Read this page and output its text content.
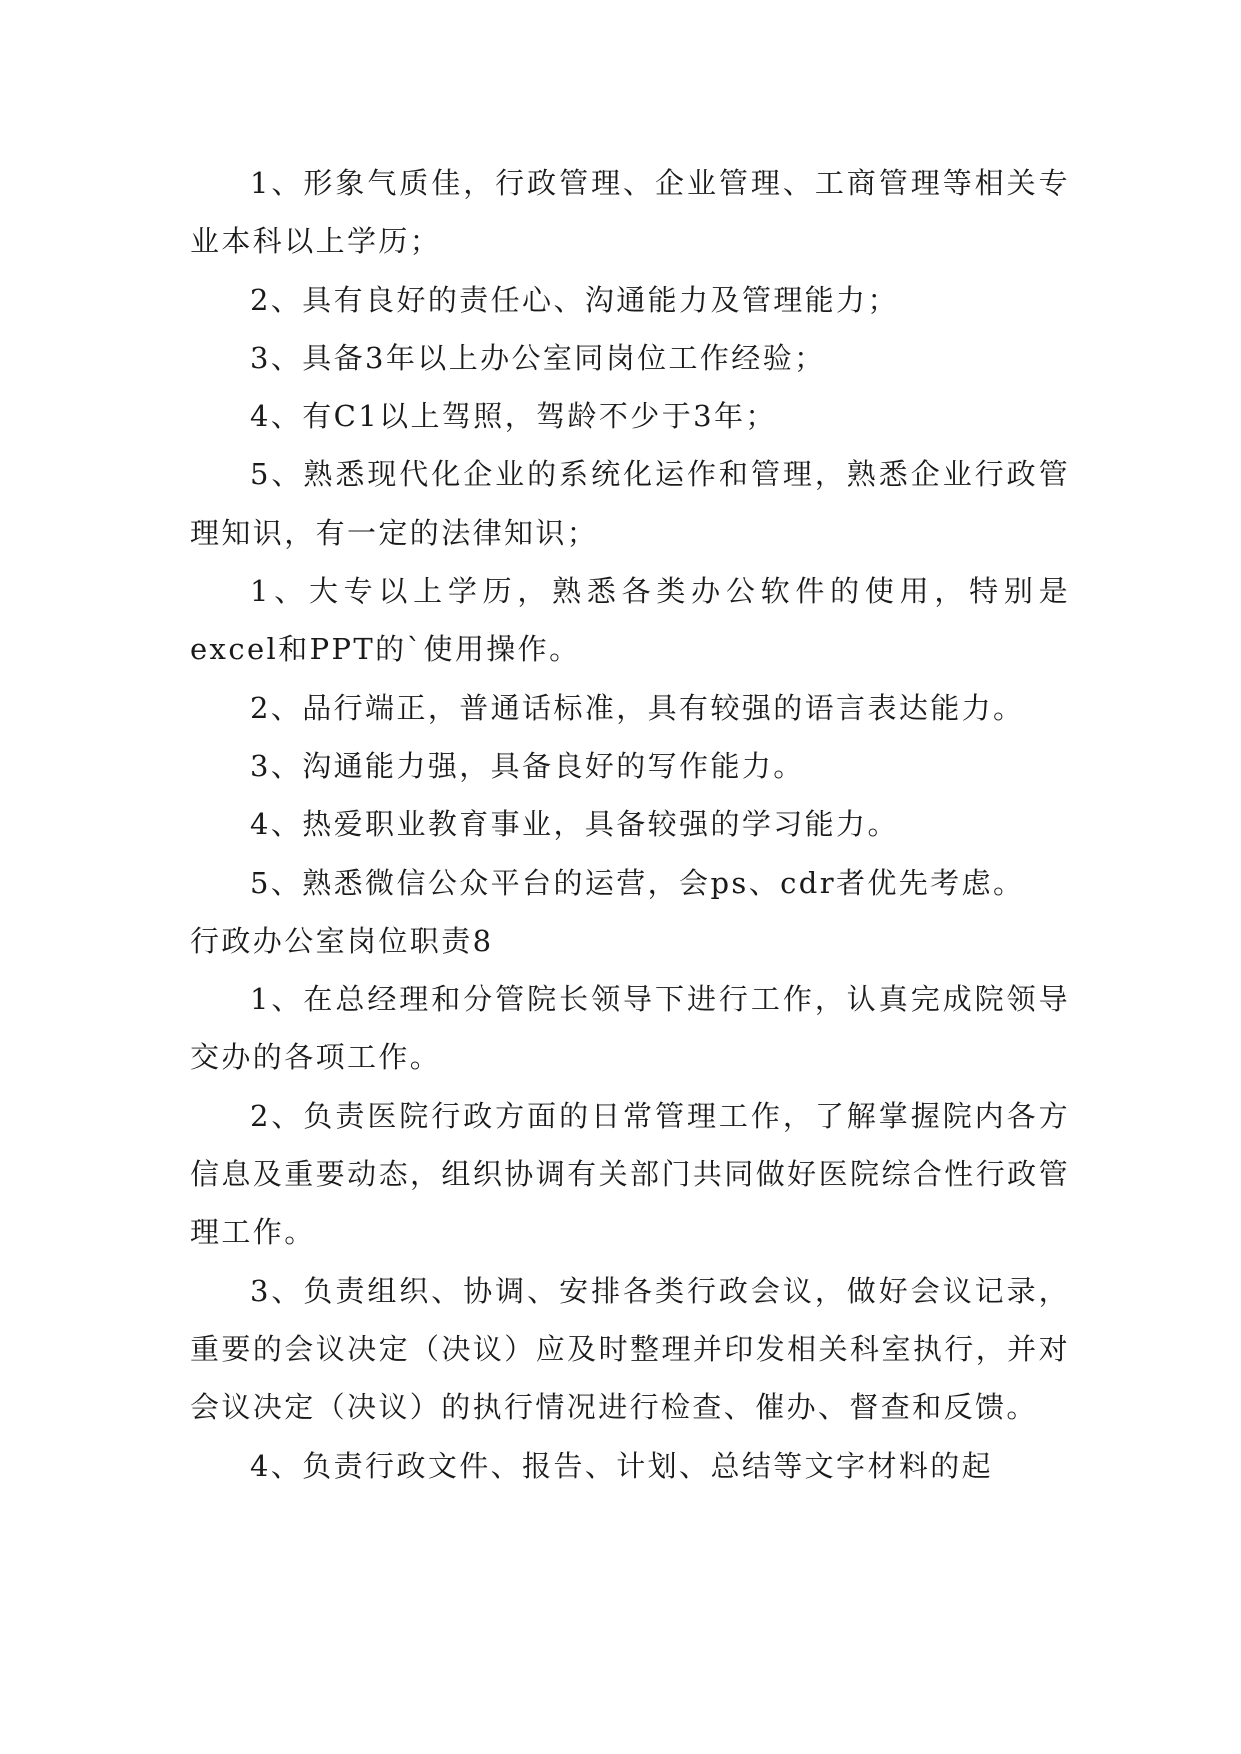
1、形象气质佳，行政管理、企业管理、工商管理等相关专业本科以上学历；

2、具有良好的责任心、沟通能力及管理能力；

3、具备3年以上办公室同岗位工作经验；

4、有C1以上驾照，驾龄不少于3年；

5、熟悉现代化企业的系统化运作和管理，熟悉企业行政管理知识，有一定的法律知识；

1、大专以上学历，熟悉各类办公软件的使用，特别是excel和PPT的`使用操作。

2、品行端正，普通话标准，具有较强的语言表达能力。

3、沟通能力强，具备良好的写作能力。

4、热爱职业教育事业，具备较强的学习能力。

5、熟悉微信公众平台的运营，会ps、cdr者优先考虑。

行政办公室岗位职责8

1、在总经理和分管院长领导下进行工作，认真完成院领导交办的各项工作。

2、负责医院行政方面的日常管理工作，了解掌握院内各方信息及重要动态，组织协调有关部门共同做好医院综合性行政管理工作。

3、负责组织、协调、安排各类行政会议，做好会议记录，重要的会议决定（决议）应及时整理并印发相关科室执行，并对会议决定（决议）的执行情况进行检查、催办、督查和反馈。

4、负责行政文件、报告、计划、总结等文字材料的起
